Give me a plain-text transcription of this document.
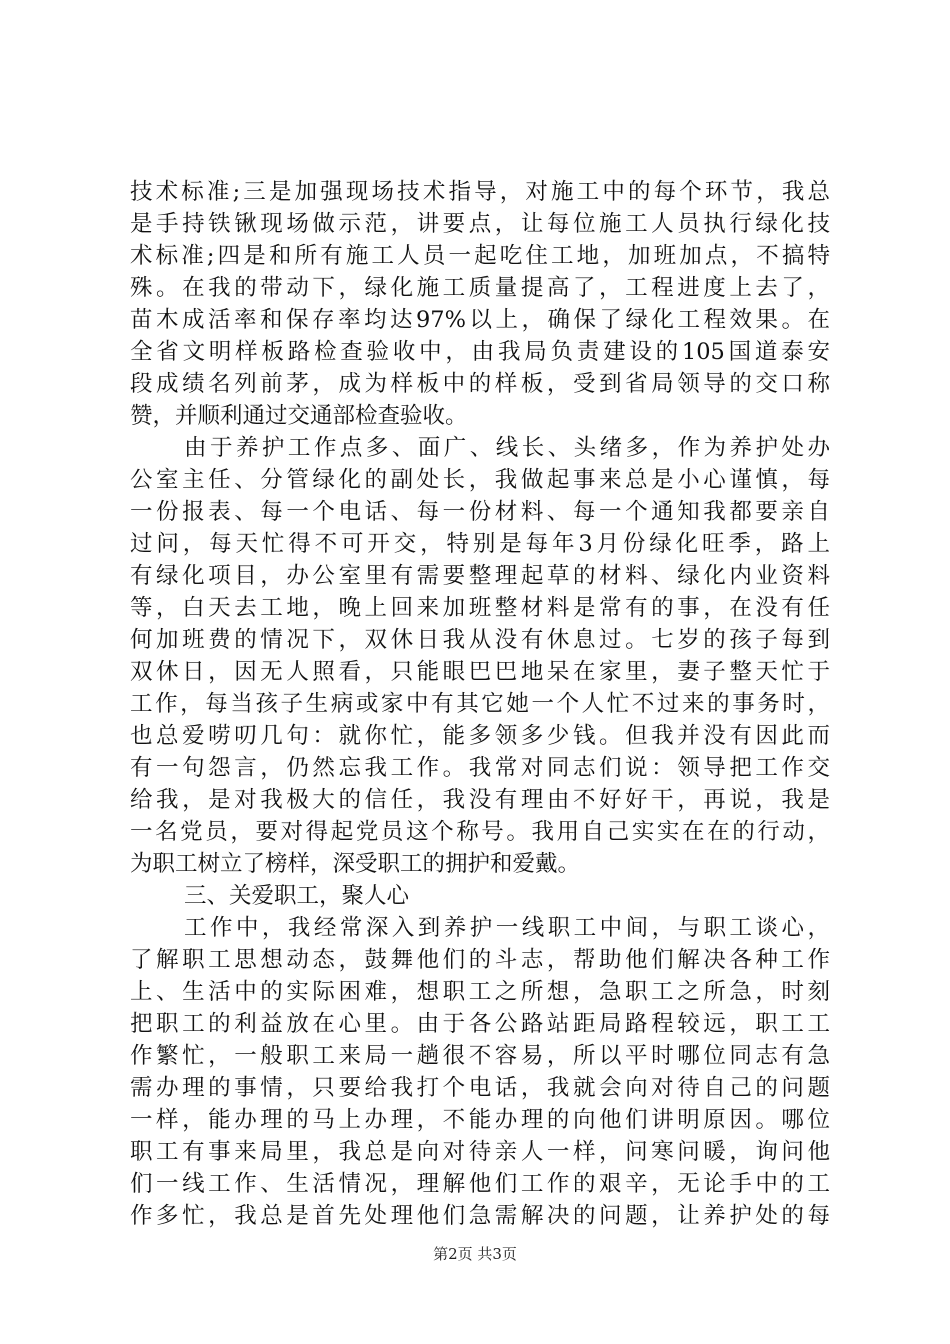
技术标准;三是加强现场技术指导，对施工中的每个环节，我总
是手持铁锹现场做示范，讲要点，让每位施工人员执行绿化技
术标准;四是和所有施工人员一起吃住工地，加班加点，不搞特
殊。在我的带动下，绿化施工质量提高了，工程进度上去了，
苗木成活率和保存率均达97%以上，确保了绿化工程效果。在
全省文明样板路检查验收中，由我局负责建设的105国道泰安
段成绩名列前茅，成为样板中的样板，受到省局领导的交口称
赞，并顺利通过交通部检查验收。
由于养护工作点多、面广、线长、头绪多，作为养护处办
公室主任、分管绿化的副处长，我做起事来总是小心谨慎，每
一份报表、每一个电话、每一份材料、每一个通知我都要亲自
过问，每天忙得不可开交，特别是每年3月份绿化旺季，路上
有绿化项目，办公室里有需要整理起草的材料、绿化内业资料
等，白天去工地，晚上回来加班整材料是常有的事，在没有任
何加班费的情况下，双休日我从没有休息过。七岁的孩子每到
双休日，因无人照看，只能眼巴巴地呆在家里，妻子整天忙于
工作，每当孩子生病或家中有其它她一个人忙不过来的事务时，
也总爱唠叨几句：就你忙，能多领多少钱。但我并没有因此而
有一句怨言，仍然忘我工作。我常对同志们说：领导把工作交
给我，是对我极大的信任，我没有理由不好好干，再说，我是
一名党员，要对得起党员这个称号。我用自己实实在在的行动，
为职工树立了榜样，深受职工的拥护和爱戴。
三、关爱职工，聚人心
工作中，我经常深入到养护一线职工中间，与职工谈心，
了解职工思想动态，鼓舞他们的斗志，帮助他们解决各种工作
上、生活中的实际困难，想职工之所想，急职工之所急，时刻
把职工的利益放在心里。由于各公路站距局路程较远，职工工
作繁忙，一般职工来局一趟很不容易，所以平时哪位同志有急
需办理的事情，只要给我打个电话，我就会向对待自己的问题
一样，能办理的马上办理，不能办理的向他们讲明原因。哪位
职工有事来局里，我总是向对待亲人一样，问寒问暖，询问他
们一线工作、生活情况，理解他们工作的艰辛，无论手中的工
作多忙，我总是首先处理他们急需解决的问题，让养护处的每
第2页 共3页
